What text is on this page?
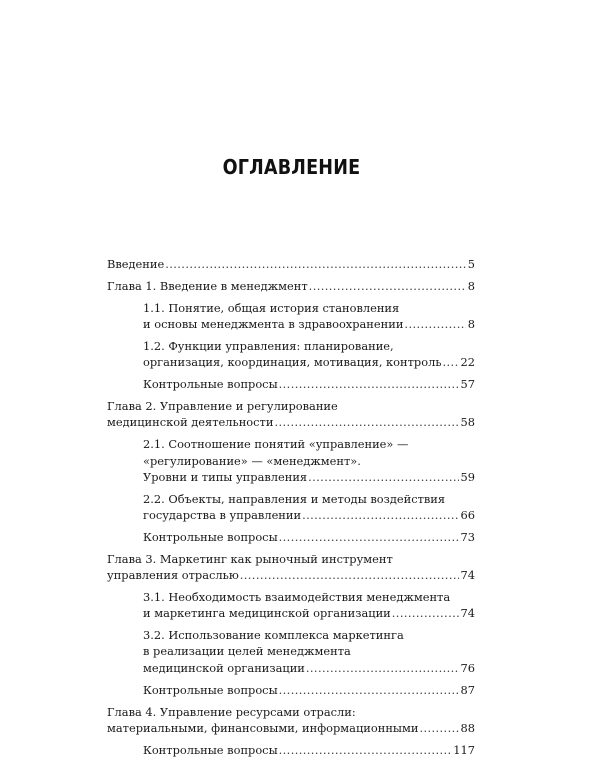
ОГЛАВЛЕНИЕ
Введение .....	5
Глава 1. Введение в менеджмент .....	8
1.1. Понятие, общая история становления
и основы менеджмента в здравоохранении .....	8
1.2. Функции управления: планирование,
организация, координация, мотивация, контроль ..... 22
Контрольные вопросы .....	57
Глава 2. Управление и регулирование
медицинской деятельности .....	58
2.1. Соотношение понятий «управление» —
«регулирование» — «менеджмент».
Уровни и типы управления .....	59
2.2. Объекты, направления и методы воздействия
государства в управлении .....	66
Контрольные вопросы .....	73
Глава 3. Маркетинг как рыночный инструмент
управления отраслью .....	74
3.1. Необходимость взаимодействия менеджмента
и маркетинга медицинской организации .....	74
3.2. Использование комплекса маркетинга
в реализации целей менеджмента
медицинской организации .....	76
Контрольные вопросы .....	87
Глава 4. Управление ресурсами отрасли:
материальными, финансовыми, информационными .....	88
Контрольные вопросы .....	117
